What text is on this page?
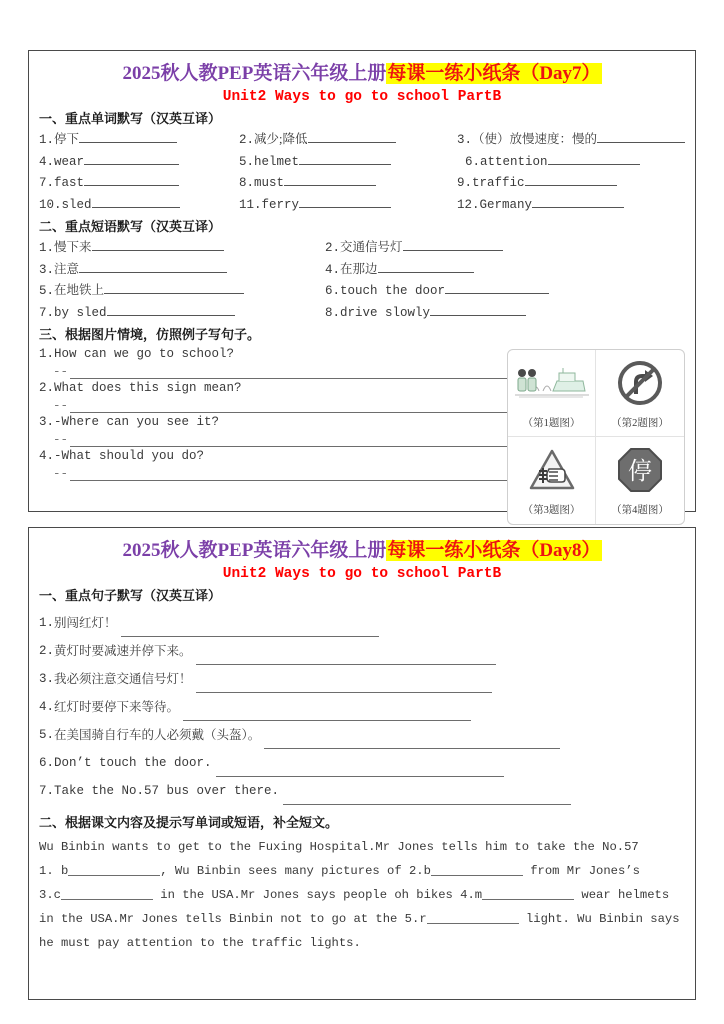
2025秋人教PEP英语六年级上册每课一练小纸条（Day7）
Unit2 Ways to go to school PartB
一、重点单词默写（汉英互译）
1.停下	2.减少;降低	3.（使）放慢速度：慢的
4.wear	5.helmet	6.attention
7.fast	8.must	9.traffic
10.sled	11.ferry	12.Germany
二、重点短语默写（汉英互译）
1.慢下来	2.交通信号灯
3.注意	4.在那边
5.在地铁上	6.touch the door
7.by sled	8.drive slowly
三、根据图片情境，仿照例子写句子。
1.How can we go to school?
--
2.What does this sign mean?
--
3.-Where can you see it?
--
4.-What should you do?
--
（第1题图）	（第2题图）
（第3题图）
停
（第4题图）
2025秋人教PEP英语六年级上册每课一练小纸条（Day8）
Unit2 Ways to go to school PartB
一、重点句子默写（汉英互译）
1. 别闯红灯！
2. 黄灯时要减速并停下来。
3. 我必须注意交通信号灯！
4. 红灯时要停下来等待。
5. 在美国骑自行车的人必须戴（头盔）。
6. Don’t touch the door.
7. Take the No.57 bus over there.
二、根据课文内容及提示写单词或短语，补全短文。
Wu Binbin wants to get to the Fuxing Hospital.Mr Jones tells him to take the No.57
1. b	, Wu Binbin sees many pictures of 2.b	from Mr Jones’s
3.c	in the USA.Mr Jones says people oh bikes 4.m	wear helmets
in the USA.Mr Jones tells Binbin not to go at the 5.r	light. Wu Binbin says
he must pay attention to the traffic lights.
